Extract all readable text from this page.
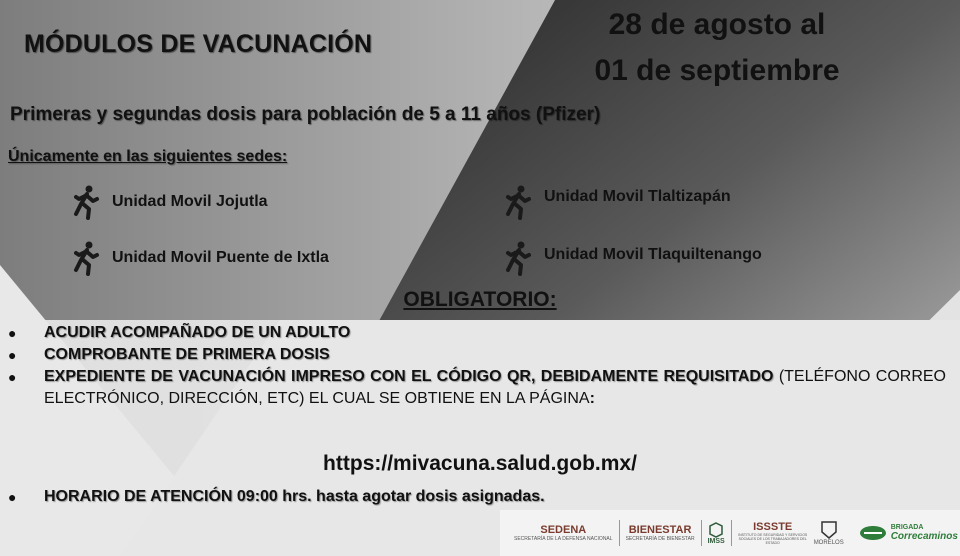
MÓDULOS DE VACUNACIÓN
28 de agosto al
01 de septiembre
Primeras y segundas dosis para población de 5 a 11 años (Pfizer)
Únicamente en las siguientes sedes:
Unidad Movil Jojutla	Unidad Movil Tlaltizapán
Unidad Movil Puente de Ixtla	Unidad Movil Tlaquiltenango
OBLIGATORIO:
● ACUDIR ACOMPAÑADO DE UN ADULTO
● COMPROBANTE DE PRIMERA DOSIS
● EXPEDIENTE DE VACUNACIÓN IMPRESO CON EL CÓDIGO QR, DEBIDAMENTE REQUISITADO (TELÉFONO CORREO ELECTRÓNICO, DIRECCIÓN, ETC) EL CUAL SE OBTIENE EN LA PÁGINA:
https://mivacuna.salud.gob.mx/
● HORARIO DE ATENCIÓN 09:00 hrs. hasta agotar dosis asignadas.
SEDENA
SECRETARÍA DE LA DEFENSA NACIONAL
BIENESTAR
SECRETARÍA DE BIENESTAR IMSS
ISSSTE
INSTITUTO DE SEGURIDAD Y SERVICIOS SOCIALES DE LOS TRABAJADORES DEL ESTADO	MORELOS
BRIGADA
Correcaminos
